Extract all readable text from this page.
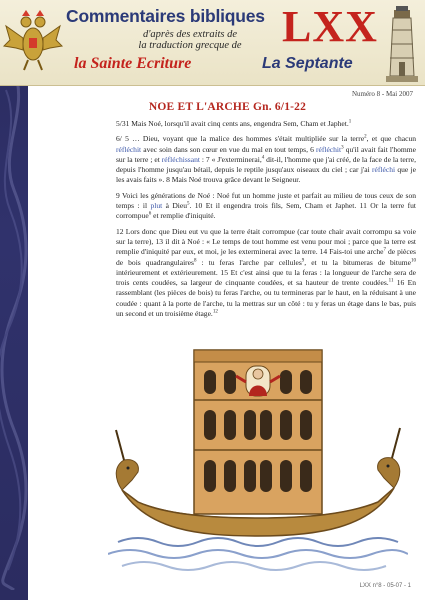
Commentaires bibliques
d'après des extraits de
la traduction grecque de
la Sainte Ecriture
LXX
La Septante
Numéro 8 - Mai 2007
NOE ET L'ARCHE Gn. 6/1-22

5/31 Mais Noé, lorsqu'il avait cinq cents ans, engendra Sem, Cham et Japhet.$^1$

6/ 5 … Dieu, voyant que la malice des hommes s'était multipliée sur la terre$^2$, et que chacun réfléchit avec soin dans son cœur en vue du mal en tout temps, 6 réfléchit$^3$ qu'il avait fait l'homme sur la terre ; et réfléchissant : 7 « J'exterminerai,$^4$ dit-il, l'homme que j'ai créé, de la face de la terre, depuis l'homme jusqu'au bétail, depuis le reptile jusqu'aux oiseaux du ciel ; car j'ai réfléchi que je les avais faits ». 8 Mais Noé trouva grâce devant le Seigneur.

9 Voici les générations de Noé : Noé fut un homme juste et parfait au milieu de tous ceux de son temps : il plut à Dieu$^5$. 10 Et il engendra trois fils, Sem, Cham et Japhet. 11 Or la terre fut corrompue$^6$ et remplie d'iniquité.

12 Lors donc que Dieu eut vu que la terre était corrompue (car toute chair avait corrompu sa voie sur la terre), 13 il dit à Noé : « Le temps de tout homme est venu pour moi ; parce que la terre est remplie d'iniquité par eux, et moi, je les exterminerai avec la terre. 14 Fais-toi une arche$^7$ de pièces de bois quadrangulaires$^8$ : tu feras l'arche par cellules$^9$, et tu la bitumeras de bitume$^{10}$ intérieurement et extérieurement. 15 Et c'est ainsi que tu la feras : la longueur de l'arche sera de trois cents coudées, sa largeur de cinquante coudées, et sa hauteur de trente coudées.$^{11}$ 16 En rassemblant (les pièces de bois) tu feras l'arche, ou tu termineras par le haut, en la réduisant à une coudée : quant à la porte de l'arche, tu la mettras sur un côté : tu y feras un étage dans le bas, puis un second et un troisième étage.$^{12}$

LXX n°8 - 05-07 - 1
